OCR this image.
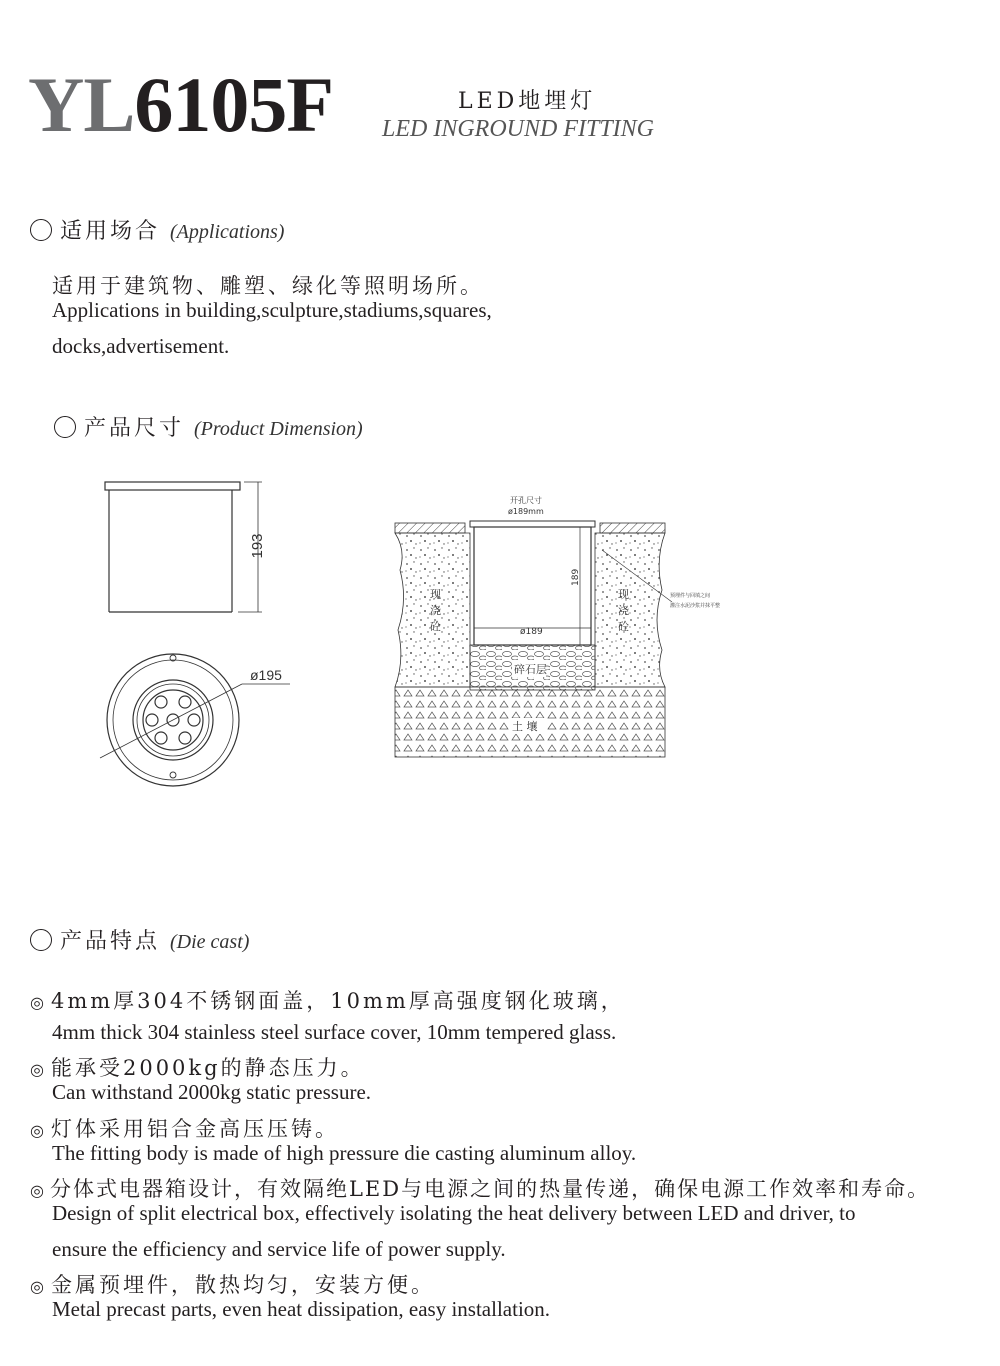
YL6105F	LED地埋灯
LED INGROUND FITTING
适用场合 (Applications)
适用于建筑物、雕塑、绿化等照明场所。
Applications in building,sculpture,stadiums,squares,
docks,advertisement.
产品尺寸 (Product Dimension)
193
ø195
开孔尺寸
ø189mm
189
ø189
现
浇
砼
现
浇
砼
碎石层
土 壤
预埋件与回填之间
灌注水泥沙浆并抹平整
产品特点 (Die cast)
◎ 4mm厚304不锈钢面盖，10mm厚高强度钢化玻璃，
4mm thick 304 stainless steel surface cover, 10mm tempered glass.
◎ 能承受2000kg的静态压力。
Can withstand 2000kg static pressure.
◎ 灯体采用铝合金高压压铸。
The fitting body is made of high pressure die casting aluminum alloy.
◎ 分体式电器箱设计，有效隔绝LED与电源之间的热量传递，确保电源工作效率和寿命。
Design of split electrical box, effectively isolating the heat delivery between LED and driver, to
ensure the efficiency and service life of power supply.
◎ 金属预埋件，散热均匀，安装方便。
Metal precast parts, even heat dissipation, easy installation.
